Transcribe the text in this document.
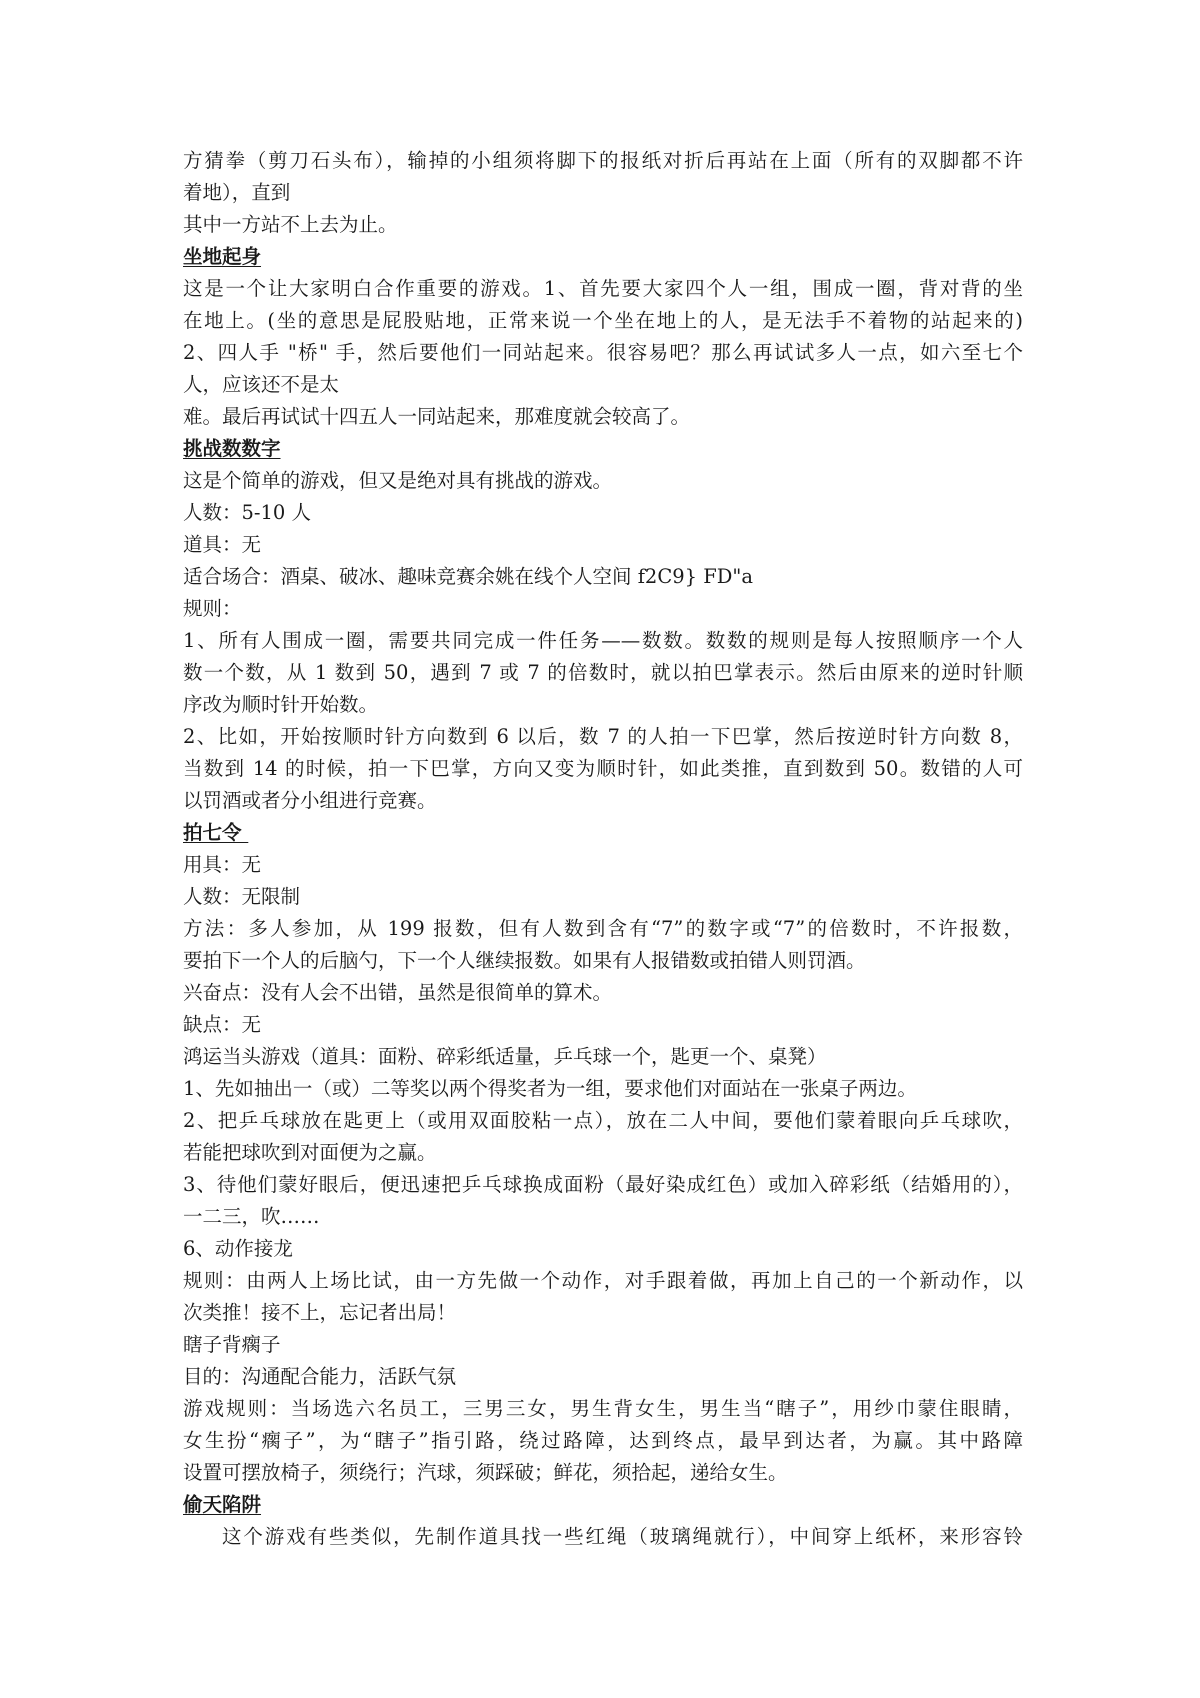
方猜拳（剪刀石头布），输掉的小组须将脚下的报纸对折后再站在上面（所有的双脚都不许
着地），直到
其中一方站不上去为止。
坐地起身
这是一个让大家明白合作重要的游戏。1、首先要大家四个人一组，围成一圈，背对背的坐
在地上。(坐的意思是屁股贴地，正常来说一个坐在地上的人，是无法手不着物的站起来的)
2、四人手 "桥" 手，然后要他们一同站起来。很容易吧？那么再试试多人一点，如六至七个
人，应该还不是太
难。最后再试试十四五人一同站起来，那难度就会较高了。
挑战数数字
这是个简单的游戏，但又是绝对具有挑战的游戏。
人数：5-10 人
道具：无
适合场合：酒桌、破冰、趣味竞赛余姚在线个人空间 f2C9} FD"a
规则：
1、所有人围成一圈，需要共同完成一件任务——数数。数数的规则是每人按照顺序一个人
数一个数，从 1 数到 50，遇到 7 或 7 的倍数时，就以拍巴掌表示。然后由原来的逆时针顺
序改为顺时针开始数。
2、比如，开始按顺时针方向数到 6 以后，数 7 的人拍一下巴掌，然后按逆时针方向数 8，
当数到 14 的时候，拍一下巴掌，方向又变为顺时针，如此类推，直到数到 50。数错的人可
以罚酒或者分小组进行竞赛。
拍七令
用具：无
人数：无限制
方法：多人参加，从 199 报数，但有人数到含有“7”的数字或“7”的倍数时，不许报数，
要拍下一个人的后脑勺，下一个人继续报数。如果有人报错数或拍错人则罚酒。
兴奋点：没有人会不出错，虽然是很简单的算术。
缺点：无
鸿运当头游戏（道具：面粉、碎彩纸适量，乒乓球一个，匙更一个、桌凳）
1、先如抽出一（或）二等奖以两个得奖者为一组，要求他们对面站在一张桌子两边。
2、把乒乓球放在匙更上（或用双面胶粘一点），放在二人中间，要他们蒙着眼向乒乓球吹，
若能把球吹到对面便为之赢。
3、待他们蒙好眼后，便迅速把乒乓球换成面粉（最好染成红色）或加入碎彩纸（结婚用的），
一二三，吹……
6、动作接龙
规则：由两人上场比试，由一方先做一个动作，对手跟着做，再加上自己的一个新动作，以
次类推！接不上，忘记者出局！
瞎子背瘸子
目的：沟通配合能力，活跃气氛
游戏规则：当场选六名员工，三男三女，男生背女生，男生当“瞎子”，用纱巾蒙住眼睛，
女生扮“瘸子”，为“瞎子”指引路，绕过路障，达到终点，最早到达者，为赢。其中路障
设置可摆放椅子，须绕行；汽球，须踩破；鲜花，须拾起，递给女生。
偷天陷阱
这个游戏有些类似，先制作道具找一些红绳（玻璃绳就行），中间穿上纸杯，来形容铃
